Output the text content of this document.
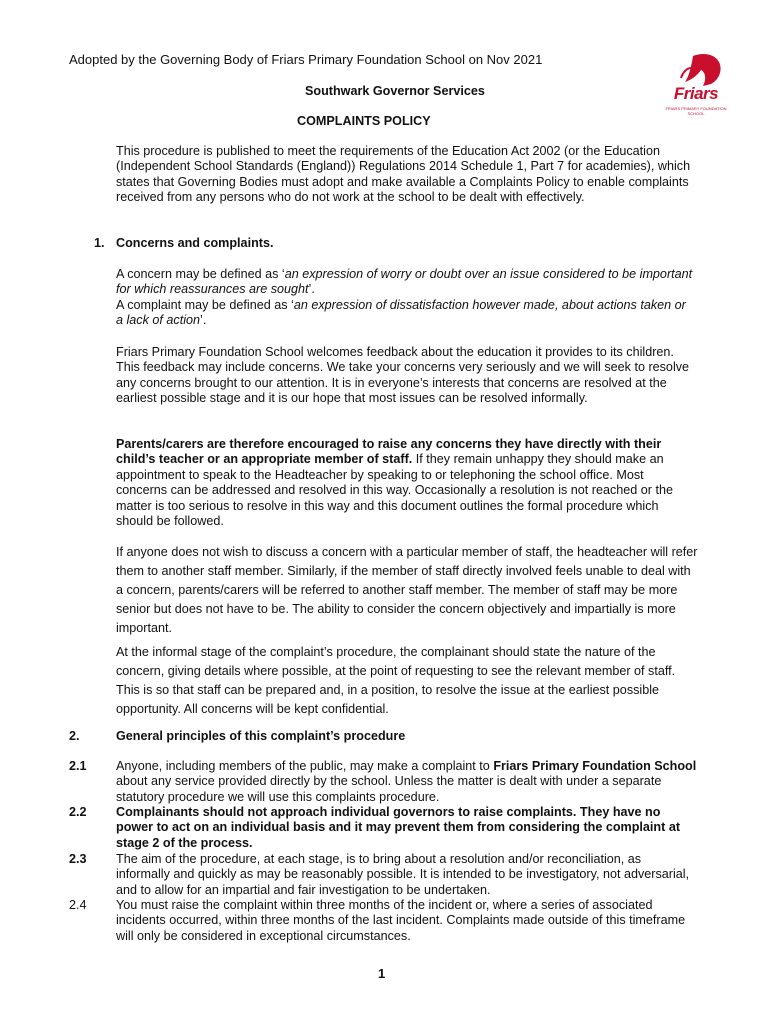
Adopted by the Governing Body of Friars Primary Foundation School on Nov 2021
Southwark Governor Services
COMPLAINTS POLICY
Friars
FRIARS PRIMARY FOUNDATION SCHOOL

This procedure is published to meet the requirements of the Education Act 2002 (or the Education (Independent School Standards (England)) Regulations 2014 Schedule 1, Part 7 for academies), which states that Governing Bodies must adopt and make available a Complaints Policy to enable complaints received from any persons who do not work at the school to be dealt with effectively.

1. Concerns and complaints.

A concern may be defined as ‘an expression of worry or doubt over an issue considered to be important for which reassurances are sought’.
A complaint may be defined as ‘an expression of dissatisfaction however made, about actions taken or a lack of action’.

Friars Primary Foundation School welcomes feedback about the education it provides to its children. This feedback may include concerns. We take your concerns very seriously and we will seek to resolve any concerns brought to our attention. It is in everyone’s interests that concerns are resolved at the earliest possible stage and it is our hope that most issues can be resolved informally.

Parents/carers are therefore encouraged to raise any concerns they have directly with their child’s teacher or an appropriate member of staff. If they remain unhappy they should make an appointment to speak to the Headteacher by speaking to or telephoning the school office. Most concerns can be addressed and resolved in this way. Occasionally a resolution is not reached or the matter is too serious to resolve in this way and this document outlines the formal procedure which should be followed.

If anyone does not wish to discuss a concern with a particular member of staff, the headteacher will refer them to another staff member. Similarly, if the member of staff directly involved feels unable to deal with a concern, parents/carers will be referred to another staff member. The member of staff may be more senior but does not have to be. The ability to consider the concern objectively and impartially is more important.

At the informal stage of the complaint’s procedure, the complainant should state the nature of the concern, giving details where possible, at the point of requesting to see the relevant member of staff. This is so that staff can be prepared and, in a position, to resolve the issue at the earliest possible opportunity. All concerns will be kept confidential.

2.	General principles of this complaint’s procedure
2.1 Anyone, including members of the public, may make a complaint to Friars Primary Foundation School about any service provided directly by the school. Unless the matter is dealt with under a separate statutory procedure we will use this complaints procedure.

2.2 Complainants should not approach individual governors to raise complaints. They have no power to act on an individual basis and it may prevent them from considering the complaint at stage 2 of the process.

2.3 The aim of the procedure, at each stage, is to bring about a resolution and/or reconciliation, as informally and quickly as may be reasonably possible. It is intended to be investigatory, not adversarial, and to allow for an impartial and fair investigation to be undertaken.

2.4 You must raise the complaint within three months of the incident or, where a series of associated incidents occurred, within three months of the last incident. Complaints made outside of this timeframe will only be considered in exceptional circumstances.

1
